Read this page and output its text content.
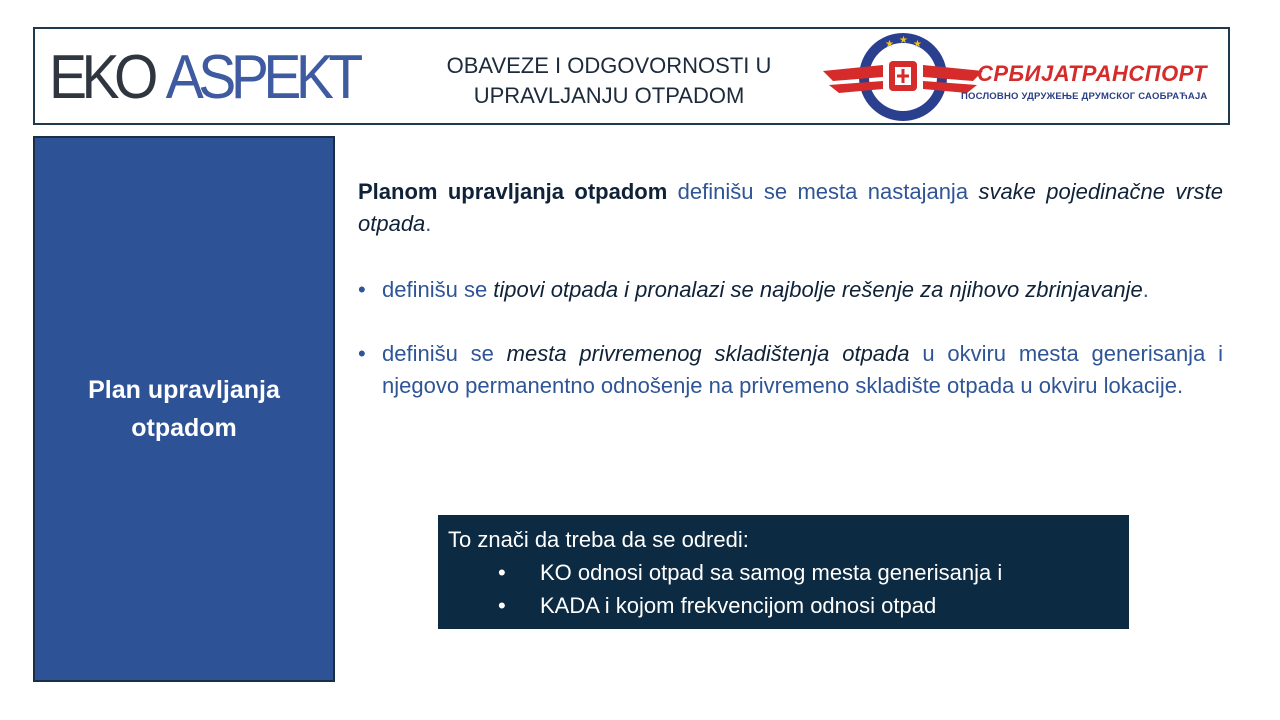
EKO ASPEKT	OBAVEZE I ODGOVORNOSTI U
UPRAVLJANJU OTPADOM
★ ★ ★
СРБИЈАТРАНСПОРТ
ПОСЛОВНО УДРУЖЕЊЕ ДРУМСКОГ САОБРАЋАЈА
Plan upravljanja
otpadom

Planom upravljanja otpadom definišu se mesta nastajanja svake pojedinačne vrste otpada.

• definišu se tipovi otpada i pronalazi se najbolje rešenje za njihovo zbrinjavanje.

• definišu se mesta privremenog skladištenja otpada u okviru mesta generisanja i njegovo permanentno odnošenje na privremeno skladište otpada u okviru lokacije.

To znači da treba da se odredi:
• KO odnosi otpad sa samog mesta generisanja i
• KADA i kojom frekvencijom odnosi otpad
